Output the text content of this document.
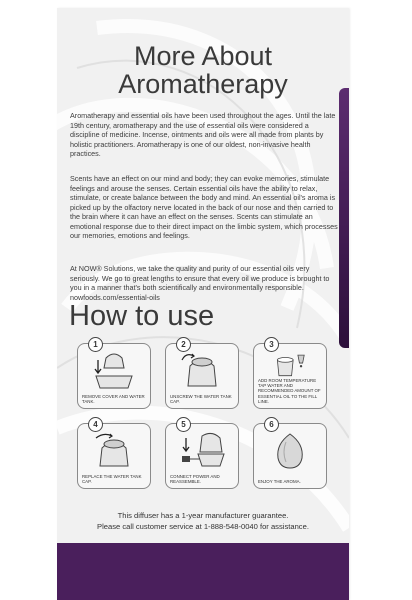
More About
Aromatherapy

Aromatherapy and essential oils have been used throughout the ages. Until the late 19th century, aromatherapy and the use of essential oils were considered a discipline of medicine. Incense, ointments and oils were all made from plants by holistic practitioners. Aromatherapy is one of our oldest, non-invasive health practices.

Scents have an effect on our mind and body; they can evoke memories, stimulate feelings and arouse the senses. Certain essential oils have the ability to relax, stimulate, or create balance between the body and mind. An essential oil's aroma is picked up by the olfactory nerve located in the back of our nose and then carried to the brain where it can have an effect on the senses. Scents can stimulate an emotional response due to their direct impact on the limbic system, which processes our memories, emotions and feelings.

At NOW® Solutions, we take the quality and purity of our essential oils very seriously. We go to great lengths to ensure that every oil we produce is brought to you in a manner that's both scientifically and environmentally responsible. nowfoods.com/essential-oils

How to use
1
REMOVE COVER AND WATER TANK.
2
UNSCREW THE WATER TANK CAP.
3
ADD ROOM TEMPERATURE TAP WATER AND RECOMMENDED AMOUNT OF ESSENTIAL OIL TO THE FILL LINE.
4
REPLACE THE WATER TANK CAP.
5
CONNECT POWER AND REASSEMBLE.
6
ENJOY THE AROMA.
This diffuser has a 1-year manufacturer guarantee.
Please call customer service at 1-888-548-0040 for assistance.
